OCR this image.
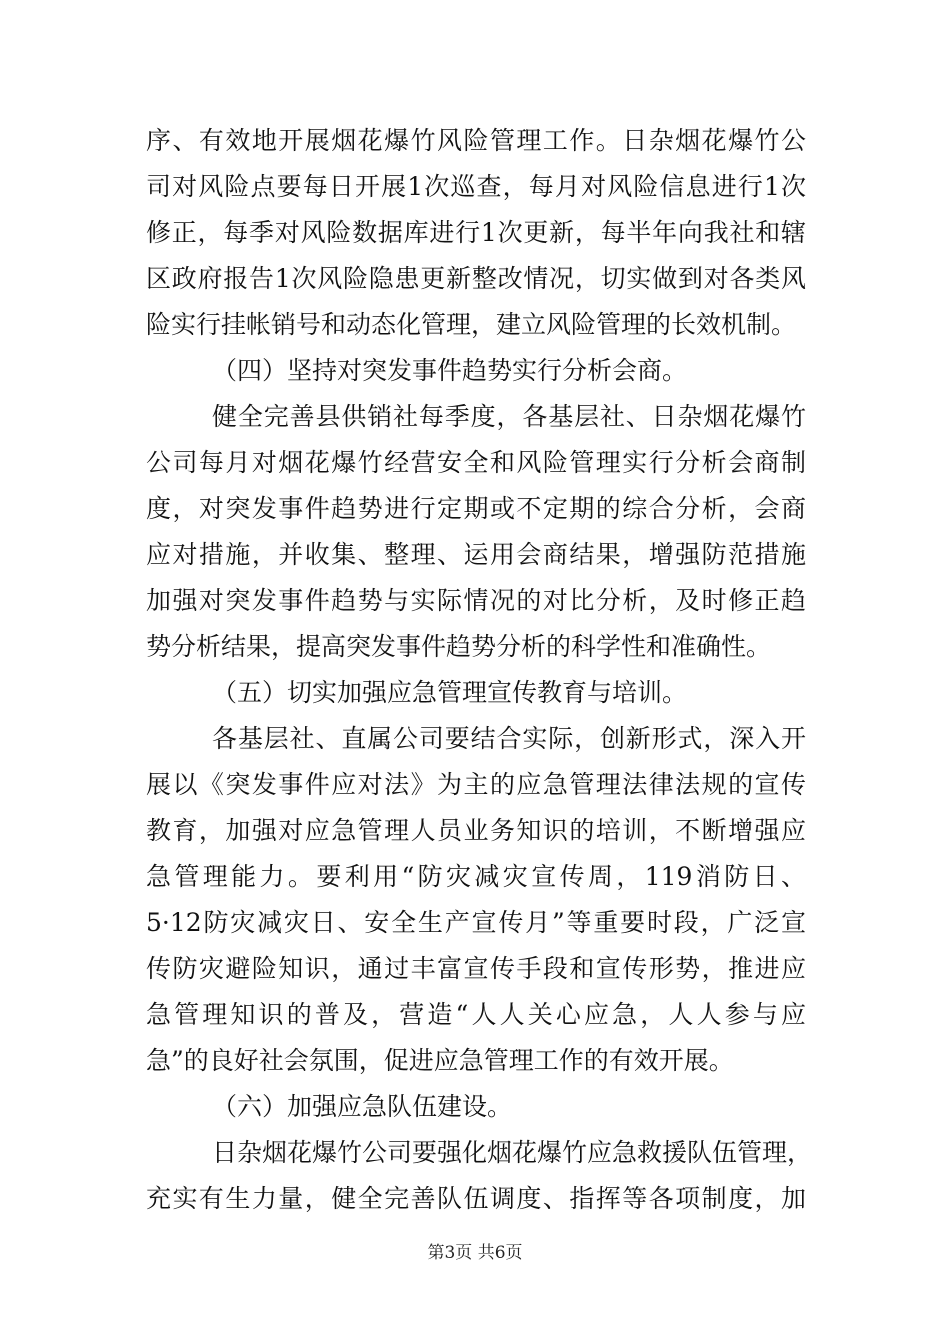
序、有效地开展烟花爆竹风险管理工作。日杂烟花爆竹公
司对风险点要每日开展1次巡查，每月对风险信息进行1次
修正，每季对风险数据库进行1次更新，每半年向我社和辖
区政府报告1次风险隐患更新整改情况，切实做到对各类风
险实行挂帐销号和动态化管理，建立风险管理的长效机制。
（四）坚持对突发事件趋势实行分析会商。
健全完善县供销社每季度，各基层社、日杂烟花爆竹
公司每月对烟花爆竹经营安全和风险管理实行分析会商制
度，对突发事件趋势进行定期或不定期的综合分析，会商
应对措施，并收集、整理、运用会商结果，增强防范措施
加强对突发事件趋势与实际情况的对比分析，及时修正趋
势分析结果，提高突发事件趋势分析的科学性和准确性。
（五）切实加强应急管理宣传教育与培训。
各基层社、直属公司要结合实际，创新形式，深入开
展以《突发事件应对法》为主的应急管理法律法规的宣传
教育，加强对应急管理人员业务知识的培训，不断增强应
急管理能力。要利用“防灾减灾宣传周，119消防日、
5·12防灾减灾日、安全生产宣传月”等重要时段，广泛宣
传防灾避险知识，通过丰富宣传手段和宣传形势，推进应
急管理知识的普及，营造“人人关心应急，人人参与应
急”的良好社会氛围，促进应急管理工作的有效开展。
（六）加强应急队伍建设。
日杂烟花爆竹公司要强化烟花爆竹应急救援队伍管理，
充实有生力量，健全完善队伍调度、指挥等各项制度，加
第3页 共6页
